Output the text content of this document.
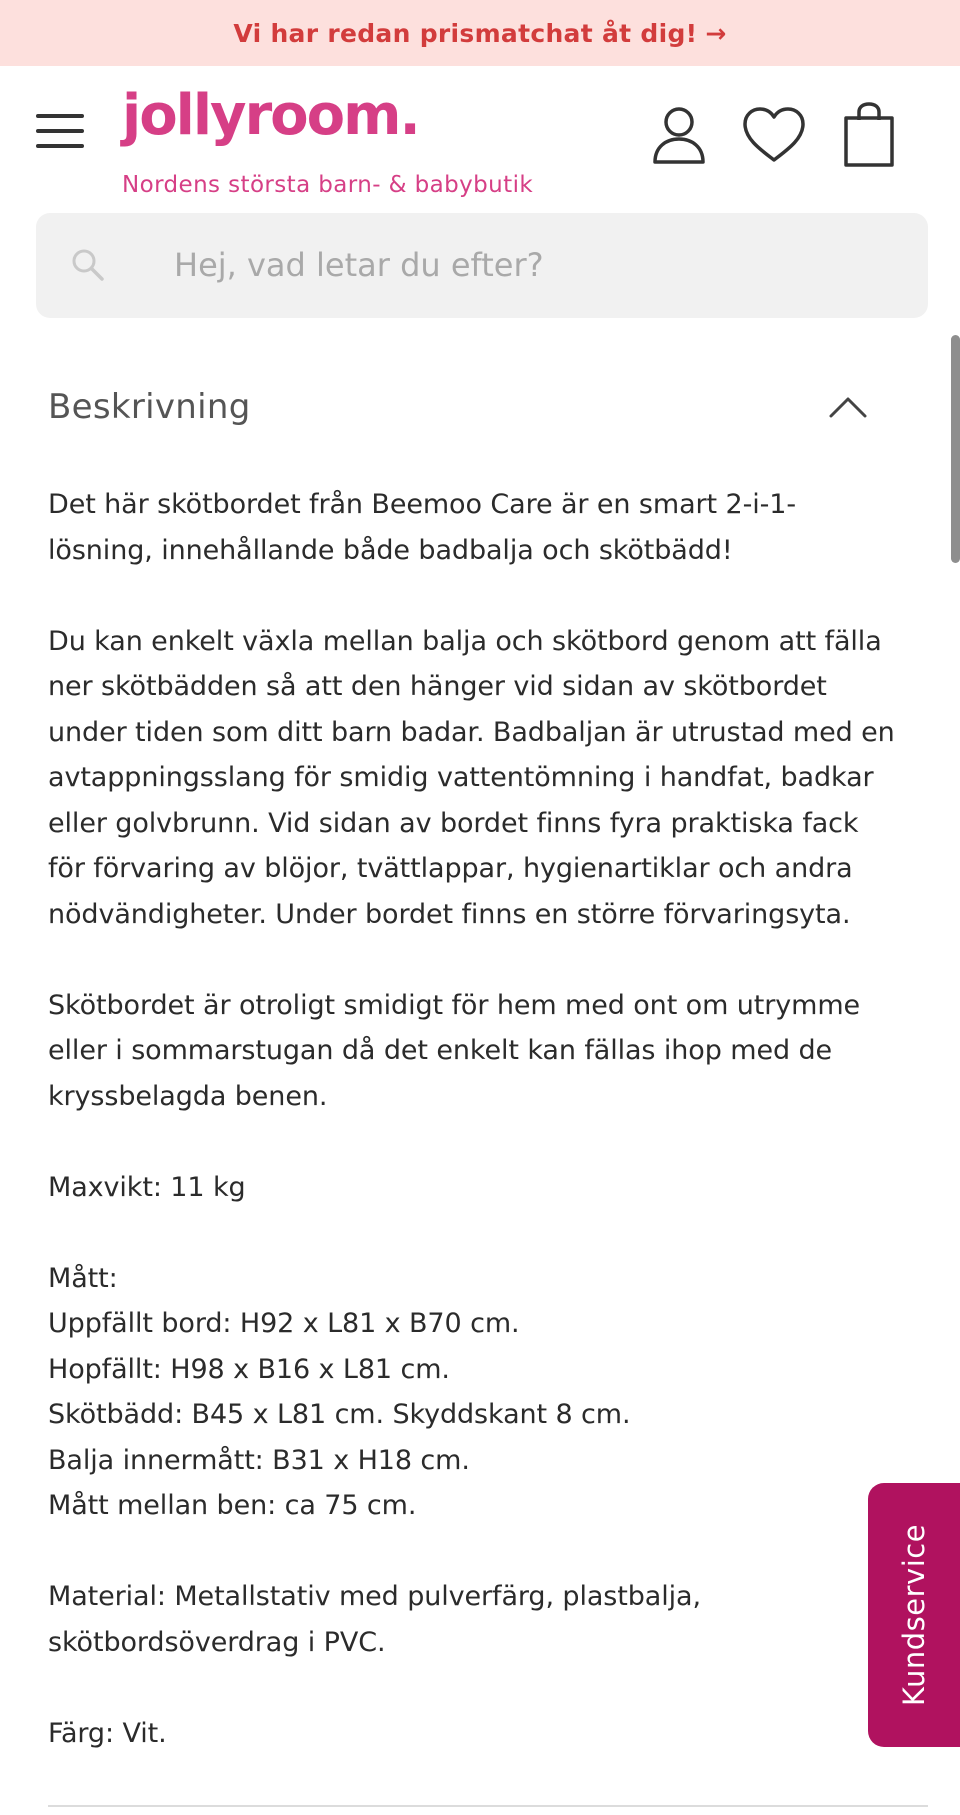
Vi har redan prismatchat åt dig! →
jollyroom.
Nordens största barn- & babybutik
Hej, vad letar du efter?
Beskrivning

Det här skötbordet från Beemoo Care är en smart 2-i-1-

lösning, innehållande både badbalja och skötbädd!

Du kan enkelt växla mellan balja och skötbord genom att fälla

ner skötbädden så att den hänger vid sidan av skötbordet

under tiden som ditt barn badar. Badbaljan är utrustad med en

avtappningsslang för smidig vattentömning i handfat, badkar

eller golvbrunn. Vid sidan av bordet finns fyra praktiska fack

för förvaring av blöjor, tvättlappar, hygienartiklar och andra

nödvändigheter. Under bordet finns en större förvaringsyta.

Skötbordet är otroligt smidigt för hem med ont om utrymme

eller i sommarstugan då det enkelt kan fällas ihop med de

kryssbelagda benen.

Maxvikt: 11 kg

Mått:

Uppfällt bord: H92 x L81 x B70 cm.

Hopfällt: H98 x B16 x L81 cm.

Skötbädd: B45 x L81 cm. Skyddskant 8 cm.

Balja innermått: B31 x H18 cm.

Mått mellan ben: ca 75 cm.

Material: Metallstativ med pulverfärg, plastbalja,

skötbordsöverdrag i PVC.

Färg: Vit.

Kundservice
